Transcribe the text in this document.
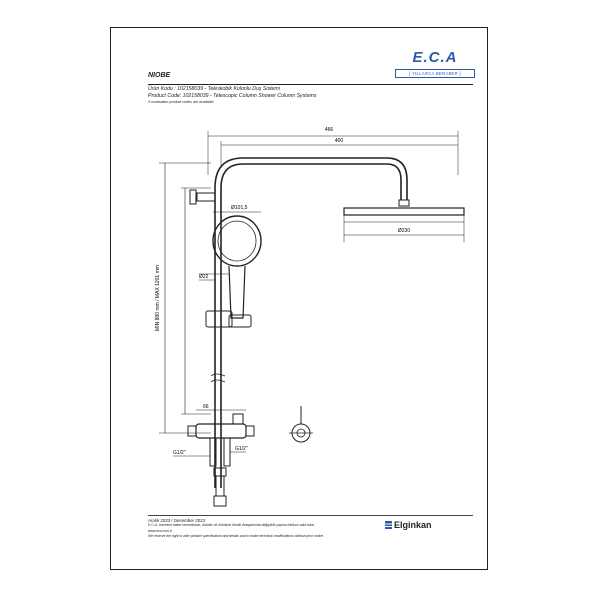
E.C.A
[ YILLARCA BERABER ]
NIOBE
Ürün Kodu : 102158039 - Teleskobik Kolonlu Duş Sistemi
Product Code: 102158039 - Telescopic Column Shower Column Systems
*Localisation product codes are available.
466
400
Ø101,5
Ø230
Ø22
66
MIN 880 mm / MAX 1201 mm
G1/2"
G1/2"
Aralık 2023 / December 2023
E.C.A. önceden haber vermeksizin, ürünler ve ürünlerin teknik detaylarında değişiklik yapma hakkını saklı tutar.
www.eca.com.tr
We reserve the right to alter product specification and details and to make technical modifications without prior notice.
Elginkan
